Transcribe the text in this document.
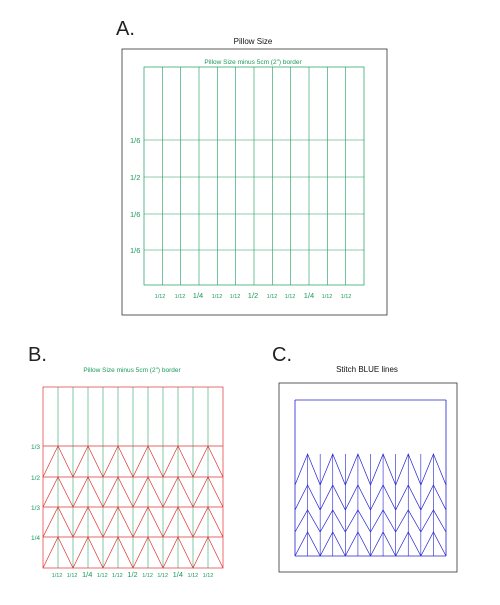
A.
Pillow Size
Pillow Size minus 5cm (2") border
1/6
1/2
1/6
1/6
1/12 1/12 1/4 1/12 1/12 1/2 1/12 1/12 1/4 1/12 1/12
B.
Pillow Size minus 5cm (2") border
1/3
1/2
1/3
1/4
1/12 1/12 1/4 1/12 1/12 1/2 1/12 1/12 1/4 1/12 1/12
C.
Stitch BLUE lines
